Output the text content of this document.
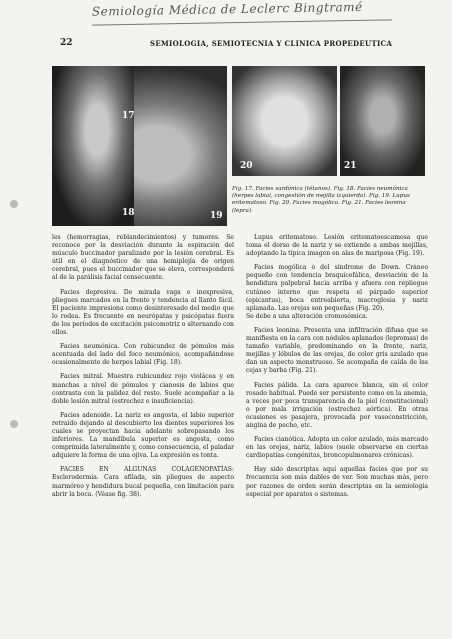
Semiología Médica de Leclerc Bingtramé
22	SEMIOLOGIA, SEMIOTECNIA Y CLINICA PROPEDEUTICA
17
18	19
20	21
Fig. 17. Facies sardónica (tétanos). Fig. 18. Facies neumónica (herpes labial, congestión de mejilla izquierda). Fig. 19. Lupus eritematoso. Fig. 20. Facies mogólica. Fig. 21. Facies leonina (lepra).

les (hemorragias, reblandecimientos) y tumores. Se reconoce por la desviación durante la espiración del músculo buccinador paralizado por la lesión cerebral. Es útil en el diagnóstico de una hemiplejía de origen cerebral, pues el buccinador que se eleva, corresponderá al de la parálisis facial consecuente.

Facies depresiva. De mirada vaga e inexpresiva, pliegues marcados en la frente y tendencia al llanto fácil. El paciente impresiona como desinteresado del medio que lo rodea. Es frecuente en neurópatas y psicópatas fuera de los períodos de excitación psicomotriz o alternando con ellos.

Facies neumónica. Con rubicundez de pómulos más acentuada del lado del foco neumónico, acompañándose ocasionalmente de herpes labial (Fig. 18).

Facies mitral. Muestra rubicundez rojo violácea y en manchas a nivel de pómulos y cianosis de labios que contrasta con la palidez del resto. Suele acompañar a la doble lesión mitral (estrechez e insuficiencia).

Facies adenoide. La nariz es angosta, el labio superior retraído dejando al descubierto los dientes superiores los cuales se proyectan hacia adelante sobrepasando los inferiores. La mandíbula superior es angosta, como comprimida lateralmente y, como consecuencia, el paladar adquiere la forma de una ojiva. La expresión es tonta.

FACIES EN ALGUNAS COLAGENOPATÍAS: Esclerodermia. Cara afilada, sin pliegues de aspecto marmóreo y hendidura bucal pequeña, con limitación para abrir la boca. (Véase fig. 38).

Lupus eritematoso. Lesión eritematoescamosa que toma el dorso de la nariz y se extiende a ambas mejillas, adoptando la típica imagen en alas de mariposa (Fig. 19).

Facies mogólica o del síndrome de Down. Cráneo pequeño con tendencia braquicefálica, desviación de la hendidura palpebral hacia arriba y afuera con repliegue cutáneo interno que respeta el párpado superior (epicantus), boca entreabierta, macroglosia y nariz aplanada. Las orejas son pequeñas (Fig. 20).
Se debe a una alteración cromosómica.

Facies leonina. Presenta una infiltración difusa que se manifiesta en la cara con nódulos aplanados (lepromas) de tamaño variable, predominando en la frente, nariz, mejillas y lóbulos de las orejas, de color gris azulado que dan un aspecto monstruoso. Se acompaña de caída de las cejas y barba (Fig. 21).

Facies pálida. La cara aparece blanca, sin el color rosado habitual. Puede ser persistente como en la anemia, a veces por poca transparencia de la piel (constitucional) o por mala irrigación (estrechez aórtica). En otras ocasiones es pasajera, provocada por vasoconstricción, angina de pecho, etc.

Facies cianótica. Adopta un color azulado, más marcado en las orejas, nariz, labios (suele observarse en ciertas cardiopatías congénitas, broncopulmonares crónicas).

Hay sido descriptas aquí aquellas facies que por su frecuencia son más dables de ver. Son muchas más, pero por razones de orden serán descriptas en la semiología especial por aparatos o sistemas.
